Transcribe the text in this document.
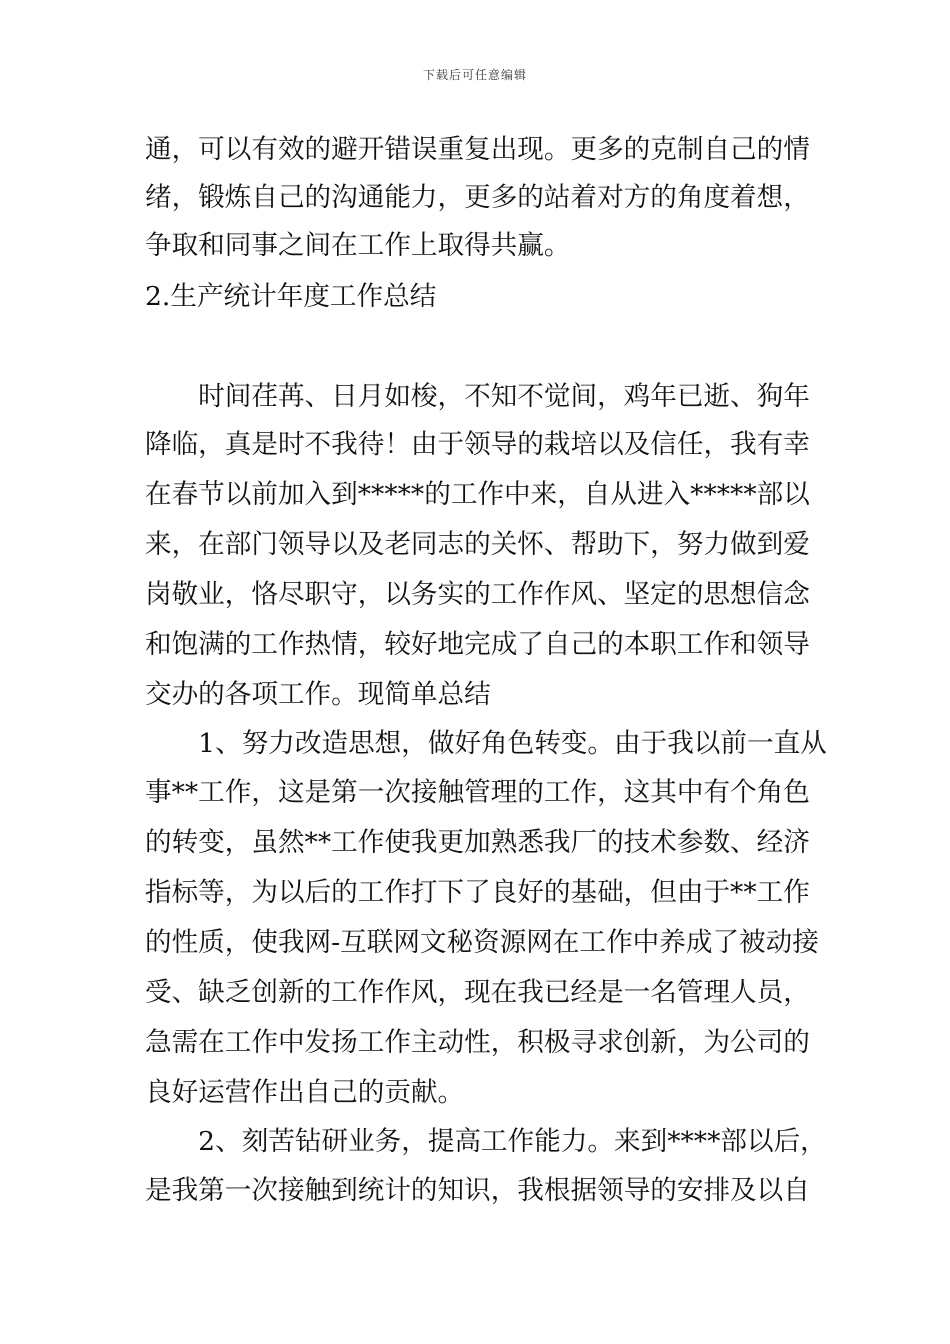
下载后可任意编辑
通，可以有效的避开错误重复出现。更多的克制自己的情
绪，锻炼自己的沟通能力，更多的站着对方的角度着想，
争取和同事之间在工作上取得共赢。
2.生产统计年度工作总结
　　时间荏苒、日月如梭，不知不觉间，鸡年已逝、狗年
降临，真是时不我待！由于领导的栽培以及信任，我有幸
在春节以前加入到*****的工作中来，自从进入*****部以
来，在部门领导以及老同志的关怀、帮助下，努力做到爱
岗敬业，恪尽职守，以务实的工作作风、坚定的思想信念
和饱满的工作热情，较好地完成了自己的本职工作和领导
交办的各项工作。现简单总结
　　1、努力改造思想，做好角色转变。由于我以前一直从
事**工作，这是第一次接触管理的工作，这其中有个角色
的转变，虽然**工作使我更加熟悉我厂的技术参数、经济
指标等，为以后的工作打下了良好的基础，但由于**工作
的性质，使我网-互联网文秘资源网在工作中养成了被动接
受、缺乏创新的工作作风，现在我已经是一名管理人员，
急需在工作中发扬工作主动性，积极寻求创新，为公司的
良好运营作出自己的贡献。
　　2、刻苦钻研业务，提高工作能力。来到****部以后，
是我第一次接触到统计的知识，我根据领导的安排及以自
